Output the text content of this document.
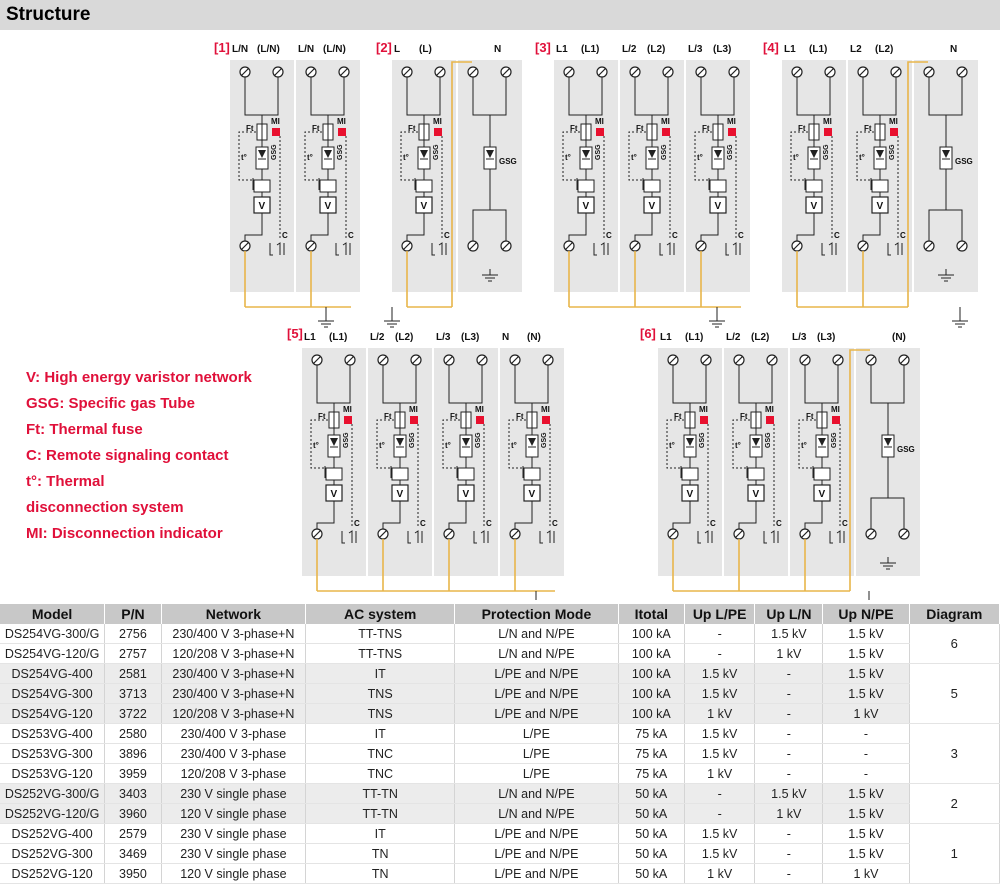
Structure
[1] L/N (L/N)
Ft
MI
GSG
t°
V
C
L/N (L/N)
Ft
MI
GSG
t°
V
C
[2] L (L)
Ft
MI
GSG
t°
V
C
N
GSG
[3] L1 (L1)
Ft
MI
GSG
t°
V
C
L/2 (L2)
Ft
MI
GSG
t°
V
C
L/3 (L3)
Ft
MI
GSG
t°
V
C
[4] L1 (L1)
Ft
MI
GSG
t°
V
C
L2 (L2)
Ft
MI
GSG
t°
V
C
N
GSG
[5] L1 (L1)
Ft
MI
GSG
t°
V
C
L/2 (L2)
Ft
MI
GSG
t°
V
C
L/3 (L3)
Ft
MI
GSG
t°
V
C
N (N)
Ft
MI
GSG
t°
V
C
[6] L1 (L1)
Ft
MI
GSG
t°
V
C
L/2 (L2)
Ft
MI
GSG
t°
V
C
L/3 (L3)
Ft
MI
GSG
t°
V
C
(N)
GSG
V: High energy varistor network
GSG: Specific gas Tube
Ft: Thermal fuse
C: Remote signaling contact
t°: Thermal
disconnection system
MI: Disconnection indicator
Model	P/N	Network	AC system	Protection Mode	Itotal	Up L/PE	Up L/N	Up N/PE	Diagram
DS254VG-300/G	2756	230/400 V 3-phase+N	TT-TNS	L/N and N/PE	100 kA	-	1.5 kV	1.5 kV	6
DS254VG-120/G	2757	120/208 V 3-phase+N	TT-TNS	L/N and N/PE	100 kA	-	1 kV	1.5 kV	
DS254VG-400	2581	230/400 V 3-phase+N	IT	L/PE and N/PE	100 kA	1.5 kV	-	1.5 kV	5
DS254VG-300	3713	230/400 V 3-phase+N	TNS	L/PE and N/PE	100 kA	1.5 kV	-	1.5 kV	
DS254VG-120	3722	120/208 V 3-phase+N	TNS	L/PE and N/PE	100 kA	1 kV	-	1 kV	
DS253VG-400	2580	230/400 V 3-phase	IT	L/PE	75 kA	1.5 kV	-	-	3
DS253VG-300	3896	230/400 V 3-phase	TNC	L/PE	75 kA	1.5 kV	-	-	
DS253VG-120	3959	120/208 V 3-phase	TNC	L/PE	75 kA	1 kV	-	-	
DS252VG-300/G	3403	230 V single phase	TT-TN	L/N and N/PE	50 kA	-	1.5 kV	1.5 kV	2
DS252VG-120/G	3960	120 V single phase	TT-TN	L/N and N/PE	50 kA	-	1 kV	1.5 kV	
DS252VG-400	2579	230 V single phase	IT	L/PE and N/PE	50 kA	1.5 kV	-	1.5 kV	1
DS252VG-300	3469	230 V single phase	TN	L/PE and N/PE	50 kA	1.5 kV	-	1.5 kV	
DS252VG-120	3950	120 V single phase	TN	L/PE and N/PE	50 kA	1 kV	-	1 kV	
